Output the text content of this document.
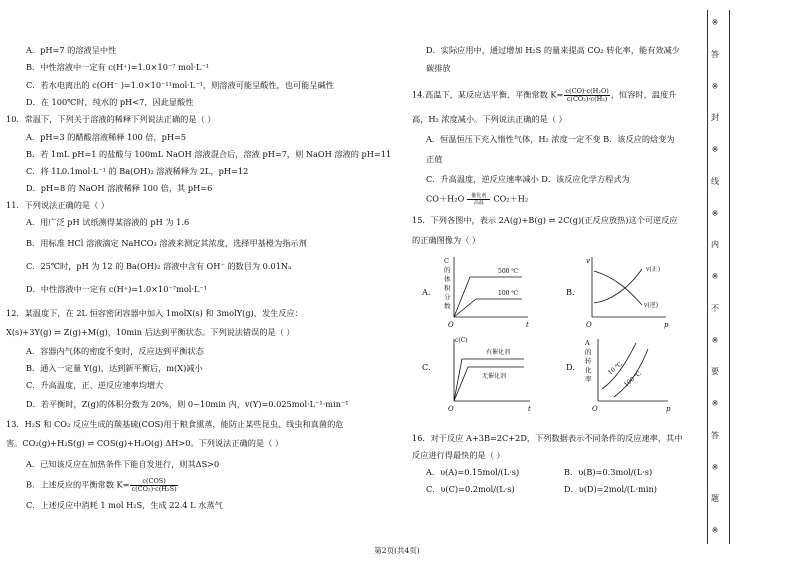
A．pH=7 的溶液呈中性
B．中性溶液中一定有 c(H⁺)=1.0×10⁻⁷ mol·L⁻¹
C．若水电离出的 c(OH⁻ )=1.0×10⁻¹¹mol·L⁻¹，则溶液可能呈酸性，也可能呈碱性
D．在 100℃时，纯水的 pH<7，因此显酸性
10．常温下，下列关于溶液的稀释下列说法正确的是（ ）
A．pH=3 的醋酸溶液稀释 100 倍，pH=5
B．若 1mL pH=1 的盐酸与 100mL NaOH 溶液混合后，溶液 pH=7，则 NaOH 溶液的 pH=11
C．将 1L0.1mol·L⁻¹ 的 Ba(OH)₂ 溶液稀释为 2L，pH=12
D．pH=8 的 NaOH 溶液稀释 100 倍，其 pH=6
11．下列说法正确的是（ ）
A．用广泛 pH 试纸测得某溶液的 pH 为 1.6
B．用标准 HCl 溶液滴定 NaHCO₃ 溶液来测定其浓度，选择甲基橙为指示剂
C．25℃时，pH 为 12 的 Ba(OH)₂ 溶液中含有 OH⁻ 的数目为 0.01Nₐ
D．中性溶液中一定有 c(H⁺)=1.0×10⁻⁷mol·L⁻¹
12．某温度下，在 2L 恒容密闭容器中加入 1molX(s) 和 3molY(g)，发生反应：
X(s)+3Y(g) ⇌ Z(g)+M(g)，10min 后达到平衡状态。下列说法错误的是（ ）
A．容器内气体的密度不变时，反应达到平衡状态
B．通入一定量 Y(g)，达到新平衡后，m(X)减小
C．升高温度，正、逆反应速率均增大
D．若平衡时，Z(g)的体积分数为 20%，则 0~10min 内，v(Y)=0.025mol·L⁻¹·min⁻¹
13．H₂S 和 CO₂ 反应生成的羰基硫(COS)用于粮食熏蒸，能防止某些昆虫、线虫和真菌的危
害。CO₂(g)+H₂S(g) ⇌ COS(g)+H₂O(g) ΔH>0。下列说法正确的是（ ）
A．已知该反应在加热条件下能自发进行，则其ΔS>0
B．上述反应的平衡常数 $K= \frac{\text{c(COS)}}{\text{c(CO₂)·c(H₂S)}}$
C．上述反应中消耗 1 mol H₂S，生成 22.4 L 水蒸气
D．实际应用中，通过增加 H₂S 的量来提高 CO₂ 转化率，能有效减少
碳排放
14.高温下，某反应达平衡，平衡常数 $K= \frac{\text{c(CO)·c(H₂O)}}{\text{c(CO₂)·c(H₂)}}$ ，恒容时，温度升
高，H₂ 浓度减小。下列说法正确的是（ ）
A．恒温恒压下充入惰性气体，H₂ 浓度一定不变 B．该反应的焓变为
正值
C．升高温度，逆反应速率减小 D．该反应化学方程式为
$CO+H_2O \frac{\text{催化剂}}{\text{高温}} CO_2+H_2$
15．下列各图中，表示 2A(g)+B(g) ⇌ 2C(g)(正反应放热)这个可逆反应
的正确图像为（ ）
A.
C
的
体
积
分
数
500 ℃
100 ℃
O	t
B.
v
v(正)
v(逆)
O	p
C.
c(C)
有催化剂
无催化剂
O	t
D.
A
的
转
化
率
10 ℃
100 ℃
O	p
16．对于反应 A+3B=2C+2D，下列数据表示不同条件的反应速率，其中
反应进行得最快的是（ ）
A．υ(A)=0.15mol/(L·s)	B．υ(B)=0.3mol/(L·s)
C．υ(C)=0.2mol/(L·s)	D．υ(D)=2mol/(L·min)
※
答
※
封
※
线
※
内
※
不
※
要
※
答
※
题
※
第2页(共4页)
